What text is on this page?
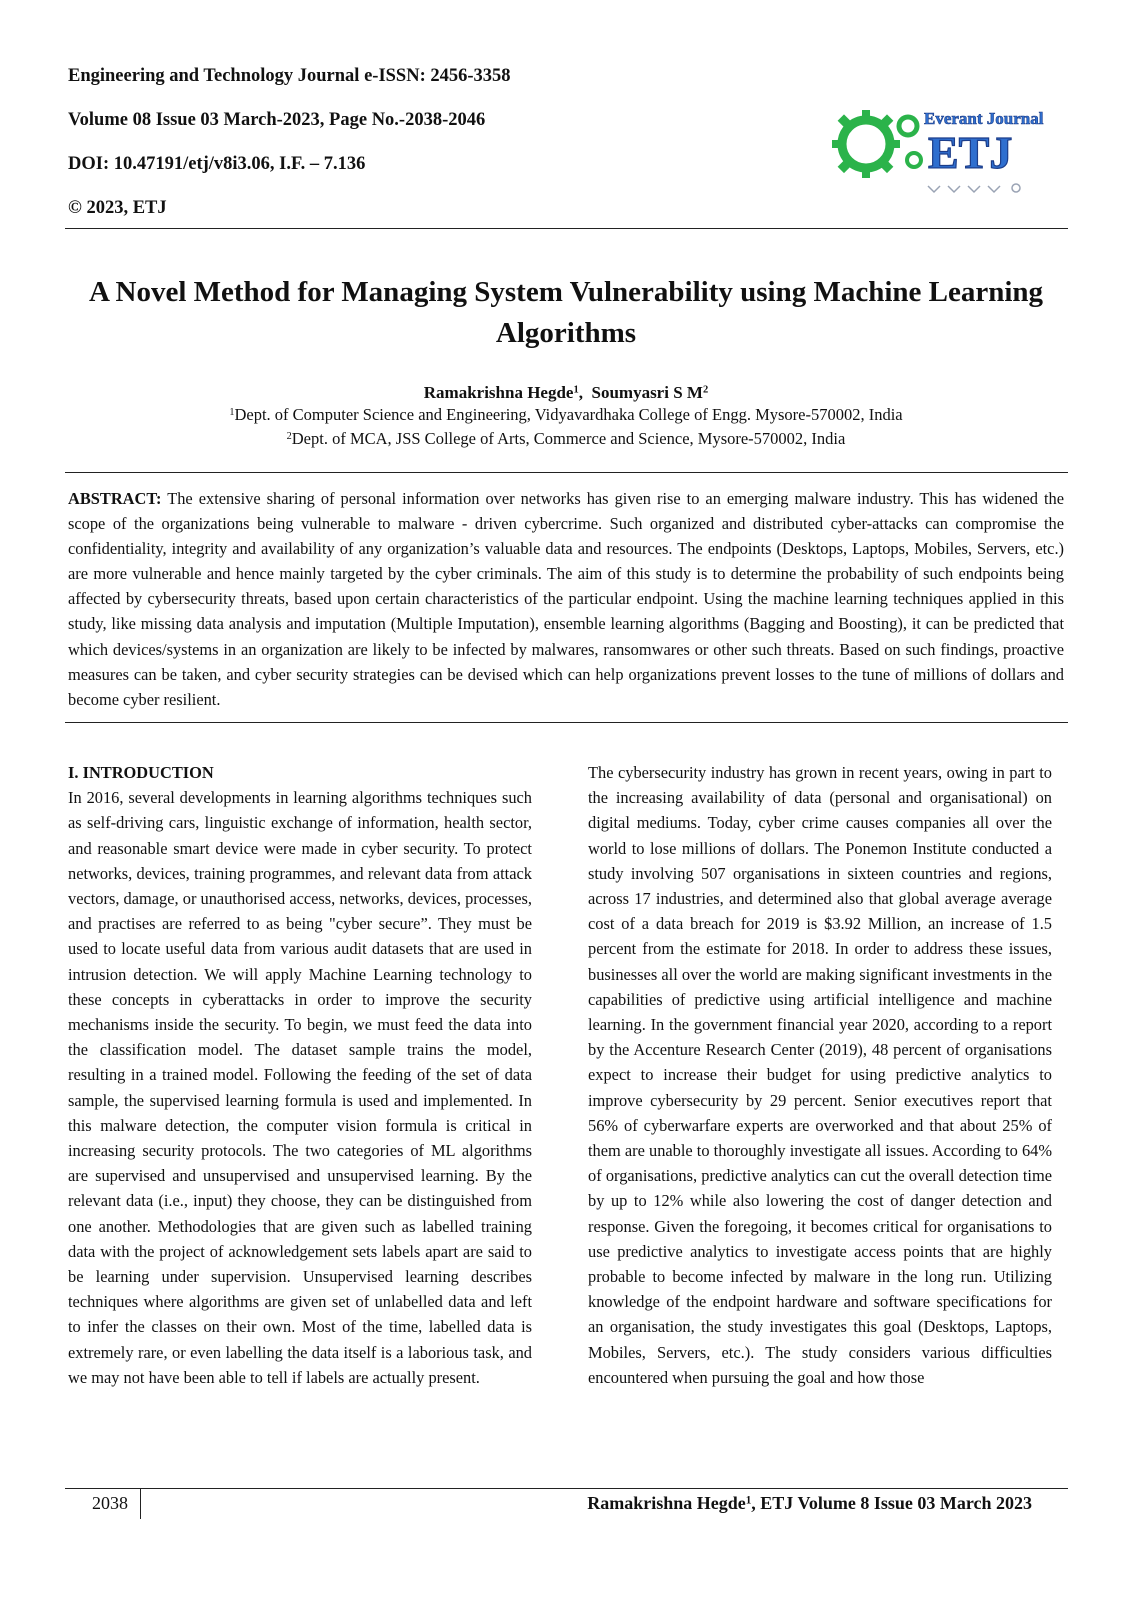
Engineering and Technology Journal e-ISSN: 2456-3358
Volume 08 Issue 03 March-2023, Page No.-2038-2046
DOI: 10.47191/etj/v8i3.06, I.F. – 7.136
© 2023, ETJ
Everant Journal
ETJ
A Novel Method for Managing System Vulnerability using Machine Learning Algorithms
Ramakrishna Hegde$^1$,  Soumyasri S $M^2$
$^1$Dept. of Computer Science and Engineering, Vidyavardhaka College of Engg. Mysore-570002, India
$^2$Dept. of MCA, JSS College of Arts, Commerce and Science, Mysore-570002, India
ABSTRACT: The extensive sharing of personal information over networks has given rise to an emerging malware industry. This has widened the scope of the organizations being vulnerable to malware - driven cybercrime. Such organized and distributed cyber-attacks can compromise the confidentiality, integrity and availability of any organization’s valuable data and resources. The endpoints (Desktops, Laptops, Mobiles, Servers, etc.) are more vulnerable and hence mainly targeted by the cyber criminals. The aim of this study is to determine the probability of such endpoints being affected by cybersecurity threats, based upon certain characteristics of the particular endpoint. Using the machine learning techniques applied in this study, like missing data analysis and imputation (Multiple Imputation), ensemble learning algorithms (Bagging and Boosting), it can be predicted that which devices/systems in an organization are likely to be infected by malwares, ransomwares or other such threats. Based on such findings, proactive measures can be taken, and cyber security strategies can be devised which can help organizations prevent losses to the tune of millions of dollars and become cyber resilient.
I. INTRODUCTION

In 2016, several developments in learning algorithms techniques such as self-driving cars, linguistic exchange of information, health sector, and reasonable smart device were made in cyber security. To protect networks, devices, training programmes, and relevant data from attack vectors, damage, or unauthorised access, networks, devices, processes, and practises are referred to as being "cyber secure”. They must be used to locate useful data from various audit datasets that are used in intrusion detection. We will apply Machine Learning technology to these concepts in cyberattacks in order to improve the security mechanisms inside the security. To begin, we must feed the data into the classification model. The dataset sample trains the model, resulting in a trained model. Following the feeding of the set of data sample, the supervised learning formula is used and implemented. In this malware detection, the computer vision formula is critical in increasing security protocols. The two categories of ML algorithms are supervised and unsupervised and unsupervised learning. By the relevant data (i.e., input) they choose, they can be distinguished from one another. Methodologies that are given such as labelled training data with the project of acknowledgement sets labels apart are said to be learning under supervision. Unsupervised learning describes techniques where algorithms are given set of unlabelled data and left to infer the classes on their own. Most of the time, labelled data is extremely rare, or even labelling the data itself is a laborious task, and we may not have been able to tell if labels are actually present.

The cybersecurity industry has grown in recent years, owing in part to the increasing availability of data (personal and organisational) on digital mediums. Today, cyber crime causes companies all over the world to lose millions of dollars. The Ponemon Institute conducted a study involving 507 organisations in sixteen countries and regions, across 17 industries, and determined also that global average average cost of a data breach for 2019 is $3.92 Million, an increase of 1.5 percent from the estimate for 2018. In order to address these issues, businesses all over the world are making significant investments in the capabilities of predictive using artificial intelligence and machine learning. In the government financial year 2020, according to a report by the Accenture Research Center (2019), 48 percent of organisations expect to increase their budget for using predictive analytics to improve cybersecurity by 29 percent. Senior executives report that 56% of cyberwarfare experts are overworked and that about 25% of them are unable to thoroughly investigate all issues. According to 64% of organisations, predictive analytics can cut the overall detection time by up to 12% while also lowering the cost of danger detection and response. Given the foregoing, it becomes critical for organisations to use predictive analytics to investigate access points that are highly probable to become infected by malware in the long run. Utilizing knowledge of the endpoint hardware and software specifications for an organisation, the study investigates this goal (Desktops, Laptops, Mobiles, Servers, etc.). The study considers various difficulties encountered when pursuing the goal and how those

2038	Ramakrishna Hegde$^1$, ETJ Volume 8 Issue 03 March 2023
